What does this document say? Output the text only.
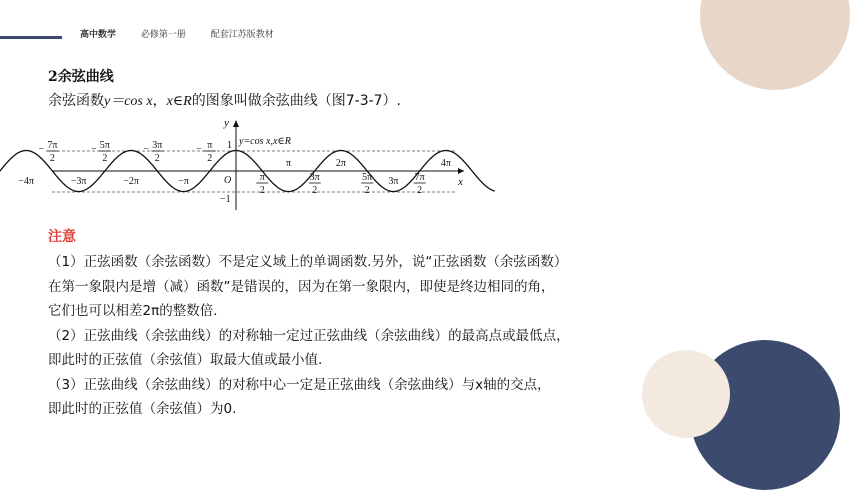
高中数学	必修第一册	配套江苏版教材
2余弦曲线
余弦函数y＝cos x，x∈R的图象叫做余弦曲线（图7-3-7）.
x
y
O
1
−1
y=cos x,x∈R
−4π	−3π	−2π	−π	π
2
3π
2
5π
2
3π 7π
2
− 7π
2
− 5π
2
− 3π
2
− π
2	π	2π	4π
注意
（1）正弦函数（余弦函数）不是定义域上的单调函数.另外，说“正弦函数（余弦函数）
在第一象限内是增（减）函数”是错误的，因为在第一象限内，即使是终边相同的角，
它们也可以相差2π的整数倍.
（2）正弦曲线（余弦曲线）的对称轴一定过正弦曲线（余弦曲线）的最高点或最低点，
即此时的正弦值（余弦值）取最大值或最小值.
（3）正弦曲线（余弦曲线）的对称中心一定是正弦曲线（余弦曲线）与x轴的交点，
即此时的正弦值（余弦值）为0.
